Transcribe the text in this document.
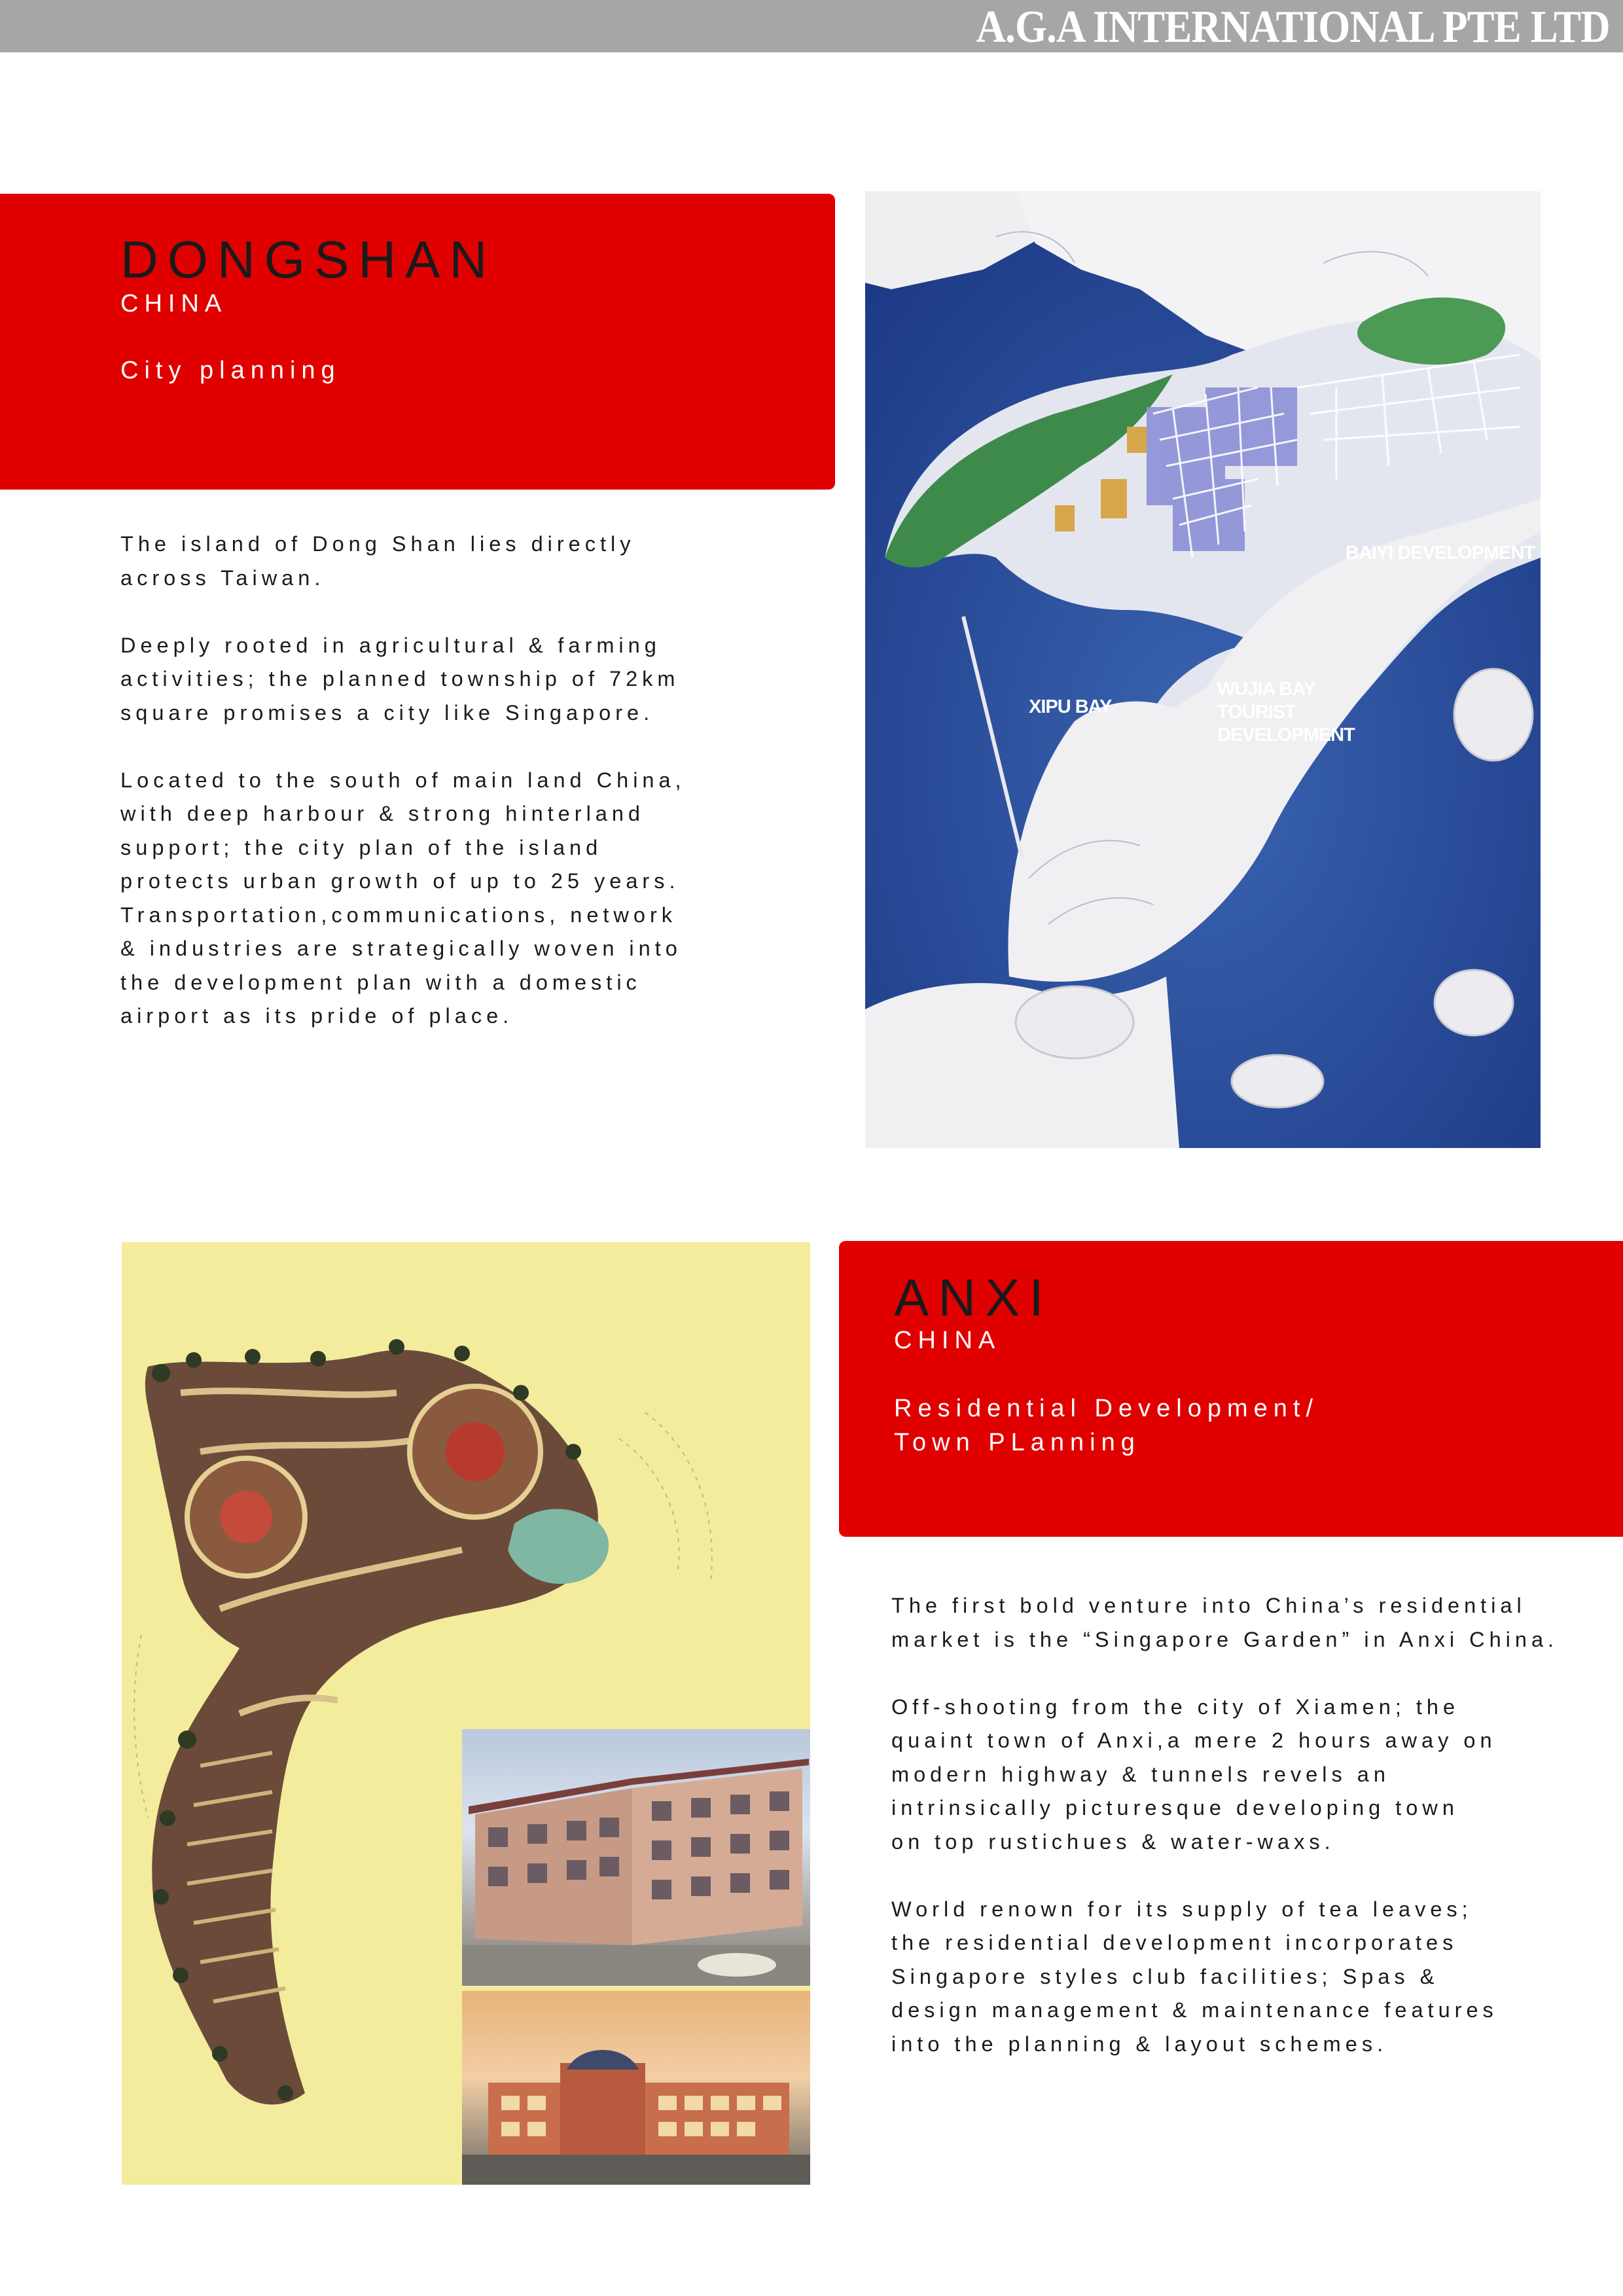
A.G.A INTERNATIONAL PTE LTD
DONGSHAN
CHINA
City planning

The island of Dong Shan lies directly
across Taiwan.

Deeply rooted in agricultural & farming
activities; the planned township of 72km
square promises a city like Singapore.

Located to the south of main land China,
with deep harbour & strong hinterland
support; the city plan of the island
protects urban growth of up to 25 years.
Transportation,communications, network
& industries are strategically woven into
the development plan with a domestic
airport as its pride of place.

BAIYI DEVELOPMENT
XIPU BAY
WUJIA BAY
TOURIST
DEVELOPMENT
ANXI
CHINA
Residential Development/
Town PLanning

The first bold venture into China’s residential
market is the “Singapore Garden” in Anxi China.

Off-shooting from the city of Xiamen; the
quaint town of Anxi,a mere 2 hours away on
modern highway & tunnels revels an
intrinsically picturesque developing town
on top rustichues & water-waxs.

World renown for its supply of tea leaves;
the residential development incorporates
Singapore styles club facilities; Spas &
design management & maintenance features
into the planning & layout schemes.
